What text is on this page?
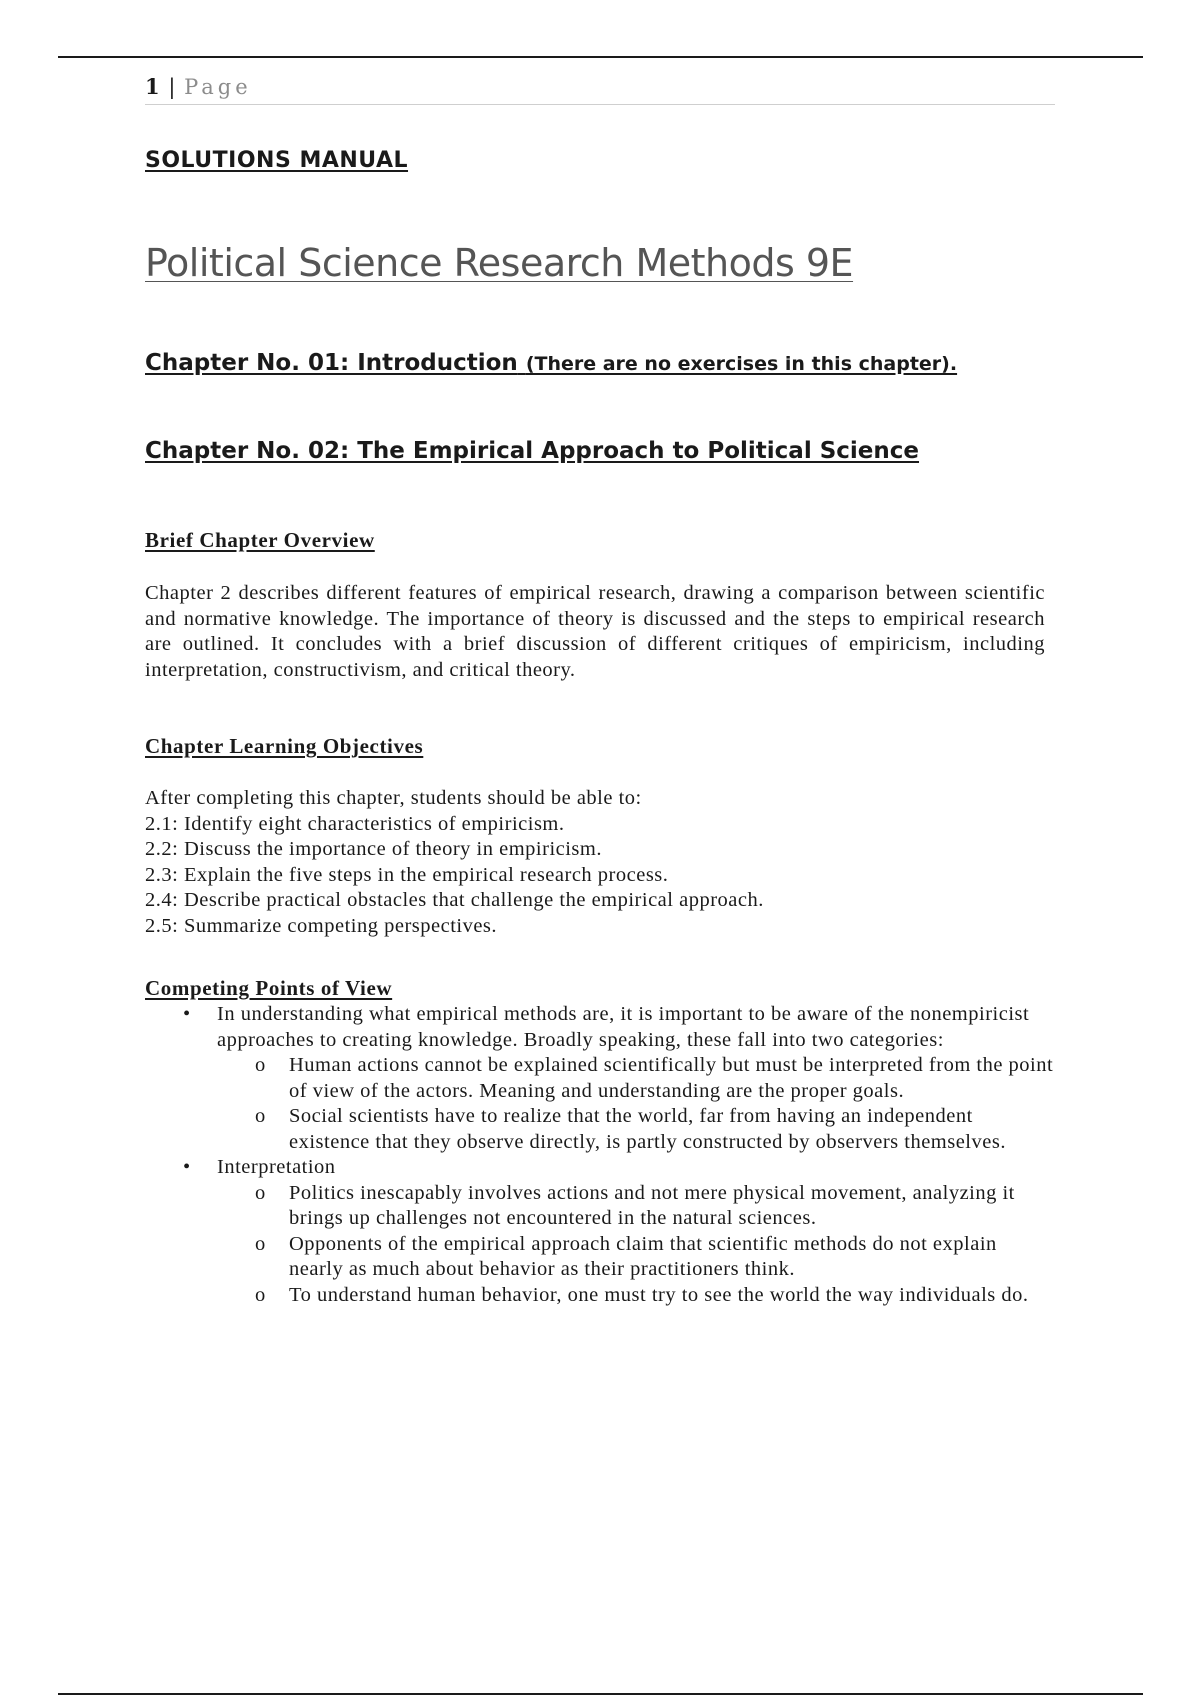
1 | Page
SOLUTIONS MANUAL
Political Science Research Methods 9E
Chapter No. 01: Introduction (There are no exercises in this chapter).
Chapter No. 02: The Empirical Approach to Political Science
Brief Chapter Overview

Chapter 2 describes different features of empirical research, drawing a comparison between scientific and normative knowledge. The importance of theory is discussed and the steps to empirical research are outlined. It concludes with a brief discussion of different critiques of empiricism, including interpretation, constructivism, and critical theory.

Chapter Learning Objectives
After completing this chapter, students should be able to:
2.1: Identify eight characteristics of empiricism.
2.2: Discuss the importance of theory in empiricism.
2.3: Explain the five steps in the empirical research process.
2.4: Describe practical obstacles that challenge the empirical approach.
2.5: Summarize competing perspectives.
Competing Points of View

• In understanding what empirical methods are, it is important to be aware of the nonempiricist approaches to creating knowledge. Broadly speaking, these fall into two categories:

o Human actions cannot be explained scientifically but must be interpreted from the point of view of the actors. Meaning and understanding are the proper goals.

o Social scientists have to realize that the world, far from having an independent existence that they observe directly, is partly constructed by observers themselves.

• Interpretation

o Politics inescapably involves actions and not mere physical movement, analyzing it brings up challenges not encountered in the natural sciences.

o Opponents of the empirical approach claim that scientific methods do not explain nearly as much about behavior as their practitioners think.

o To understand human behavior, one must try to see the world the way individuals do.
